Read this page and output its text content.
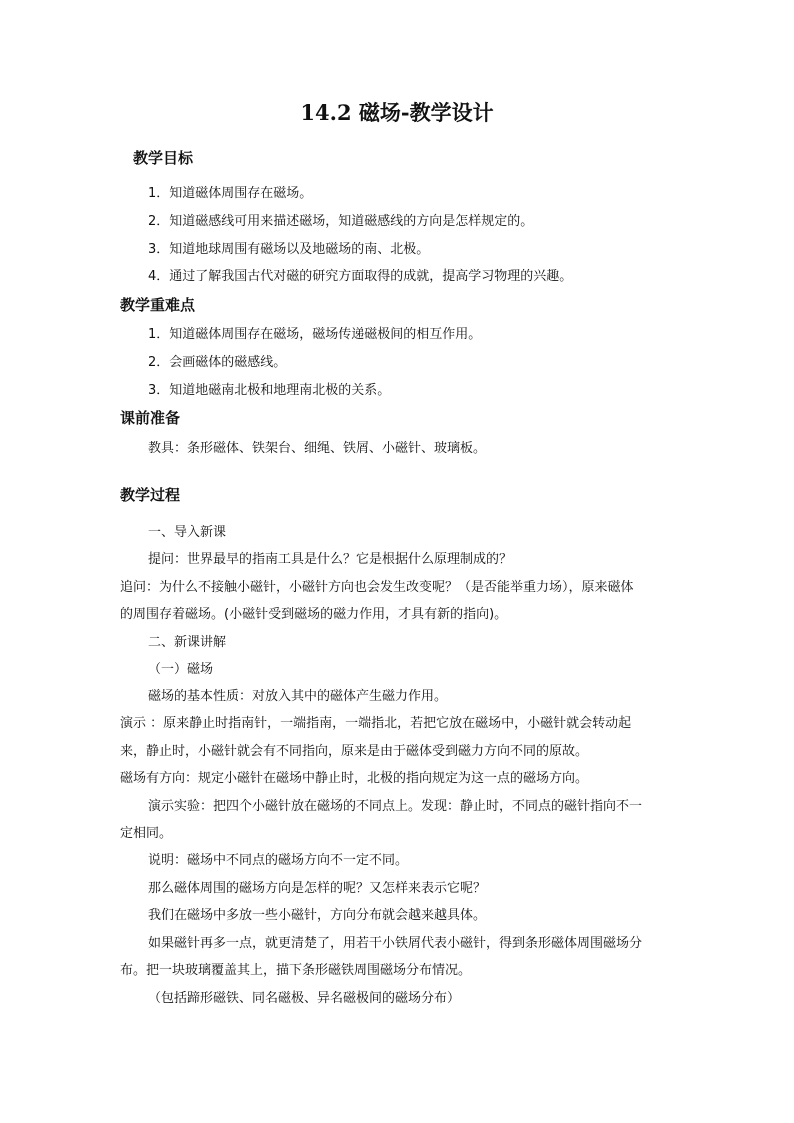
14.2 磁场-教学设计
教学目标
1．知道磁体周围存在磁场。
2．知道磁感线可用来描述磁场，知道磁感线的方向是怎样规定的。
3．知道地球周围有磁场以及地磁场的南、北极。
4．通过了解我国古代对磁的研究方面取得的成就，提高学习物理的兴趣。
教学重难点
1．知道磁体周围存在磁场，磁场传递磁极间的相互作用。
2．会画磁体的磁感线。
3．知道地磁南北极和地理南北极的关系。
课前准备
教具：条形磁体、铁架台、细绳、铁屑、小磁针、玻璃板。
教学过程
一、导入新课
提问：世界最早的指南工具是什么？它是根据什么原理制成的？
追问：为什么不接触小磁针，小磁针方向也会发生改变呢？（是否能举重力场），原来磁体
的周围存着磁场。(小磁针受到磁场的磁力作用，才具有新的指向)。
二、新课讲解
（一）磁场
磁场的基本性质：对放入其中的磁体产生磁力作用。
演示 ：原来静止时指南针，一端指南，一端指北，若把它放在磁场中，小磁针就会转动起
来，静止时，小磁针就会有不同指向，原来是由于磁体受到磁力方向不同的原故。
磁场有方向：规定小磁针在磁场中静止时，北极的指向规定为这一点的磁场方向。
演示实验：把四个小磁针放在磁场的不同点上。发现：静止时，不同点的磁针指向不一
定相同。
说明：磁场中不同点的磁场方向不一定不同。
那么磁体周围的磁场方向是怎样的呢？又怎样来表示它呢？
我们在磁场中多放一些小磁针，方向分布就会越来越具体。
如果磁针再多一点，就更清楚了，用若干小铁屑代表小磁针，得到条形磁体周围磁场分
布。把一块玻璃覆盖其上，描下条形磁铁周围磁场分布情况。
（包括蹄形磁铁、同名磁极、异名磁极间的磁场分布）
